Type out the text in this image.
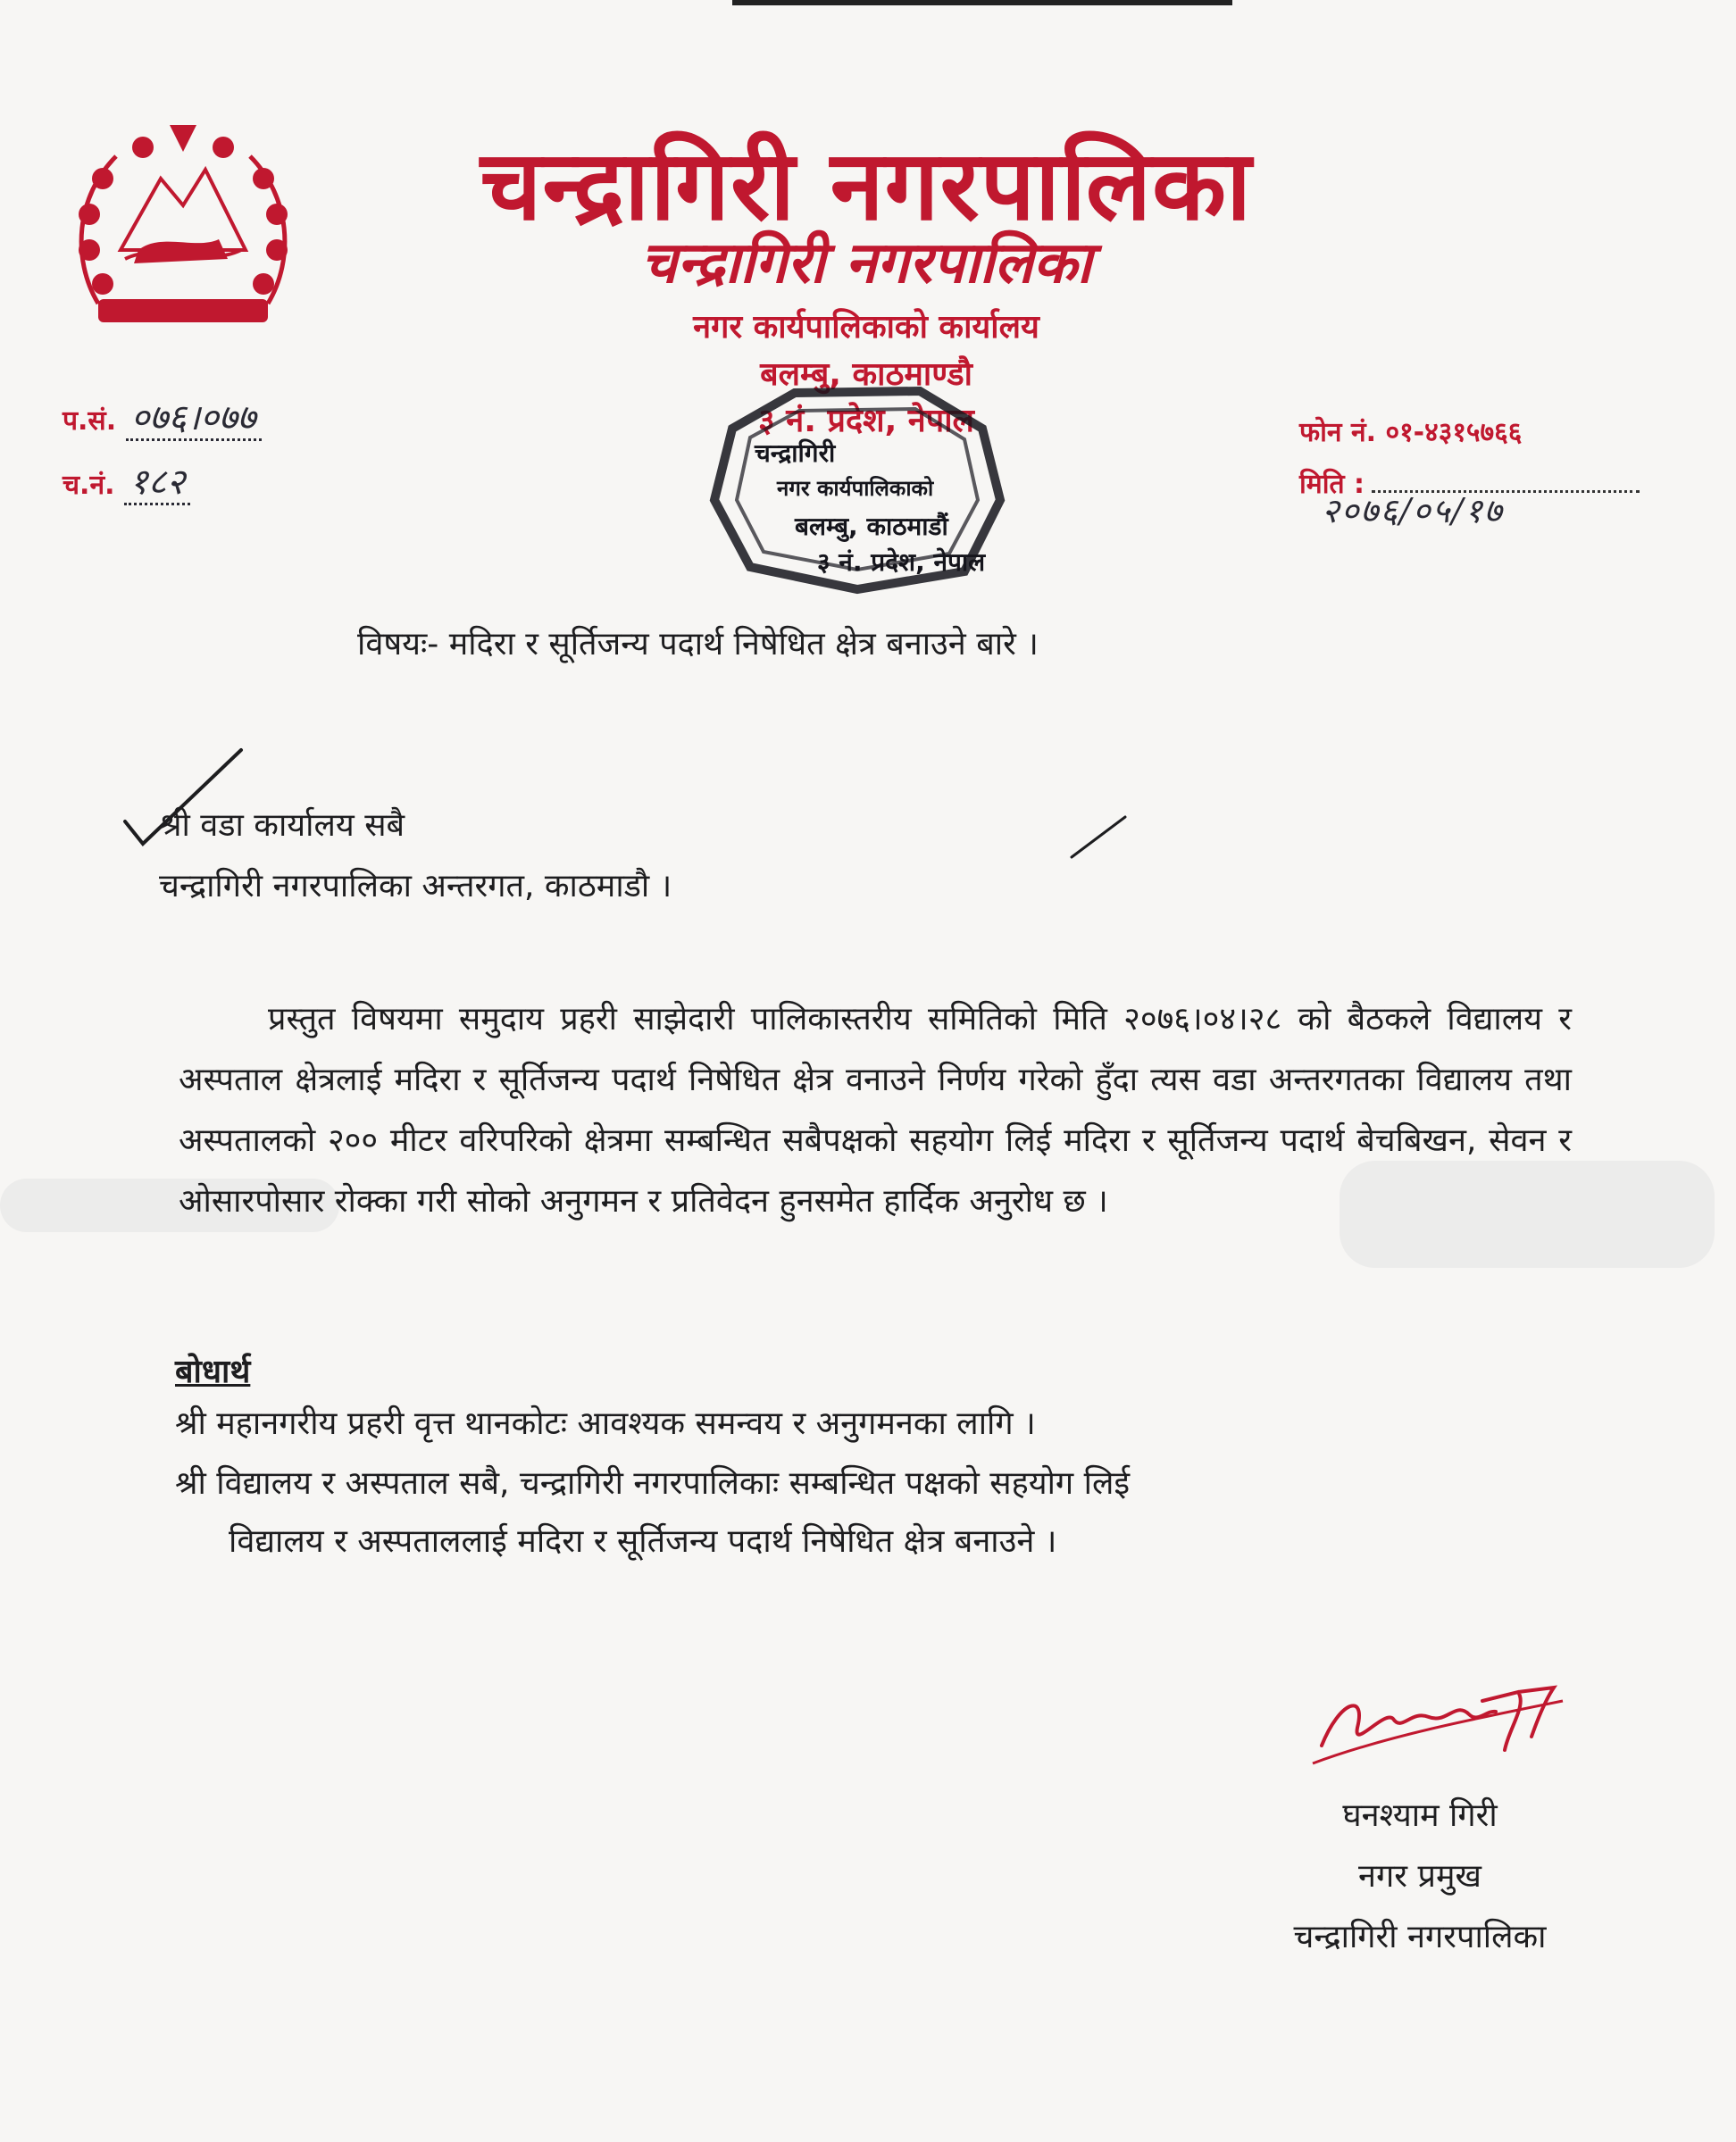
चन्द्रागिरी नगरपालिका
चन्द्रागिरी नगरपालिका
नगर कार्यपालिकाको कार्यालय
बलम्बु, काठमाण्डौ
३ नं. प्रदेश, नेपाल
प.सं. ०७६।०७७
च.नं. १८२
फोन नं. ०१-४३१५७६६
मिति :
२०७६/०५/१७
चन्द्रागिरी
नगर कार्यपालिकाको
बलम्बु, काठमाडौं
३ नं. प्रदेश, नेपाल
विषयः- मदिरा र सूर्तिजन्य पदार्थ निषेधित क्षेत्र बनाउने बारे ।
श्री वडा कार्यालय सबै
चन्द्रागिरी नगरपालिका अन्तरगत, काठमाडौ ।
प्रस्तुत विषयमा समुदाय प्रहरी साझेदारी पालिकास्तरीय समितिको मिति २०७६।०४।२८ को बैठकले विद्यालय र अस्पताल क्षेत्रलाई मदिरा र सूर्तिजन्य पदार्थ निषेधित क्षेत्र वनाउने निर्णय गरेको हुँदा त्यस वडा अन्तरगतका विद्यालय तथा अस्पतालको २०० मीटर वरिपरिको क्षेत्रमा सम्बन्धित सबैपक्षको सहयोग लिई मदिरा र सूर्तिजन्य पदार्थ बेचबिखन, सेवन र ओसारपोसार रोक्का गरी सोको अनुगमन र प्रतिवेदन हुनसमेत हार्दिक अनुरोध छ ।
बोधार्थ
श्री महानगरीय प्रहरी वृत्त थानकोटः आवश्यक समन्वय र अनुगमनका लागि ।
श्री विद्यालय र अस्पताल सबै, चन्द्रागिरी नगरपालिकाः सम्बन्धित पक्षको सहयोग लिई
विद्यालय र अस्पताललाई मदिरा र सूर्तिजन्य पदार्थ निषेधित क्षेत्र बनाउने ।
घनश्याम गिरी
नगर प्रमुख
चन्द्रागिरी नगरपालिका
